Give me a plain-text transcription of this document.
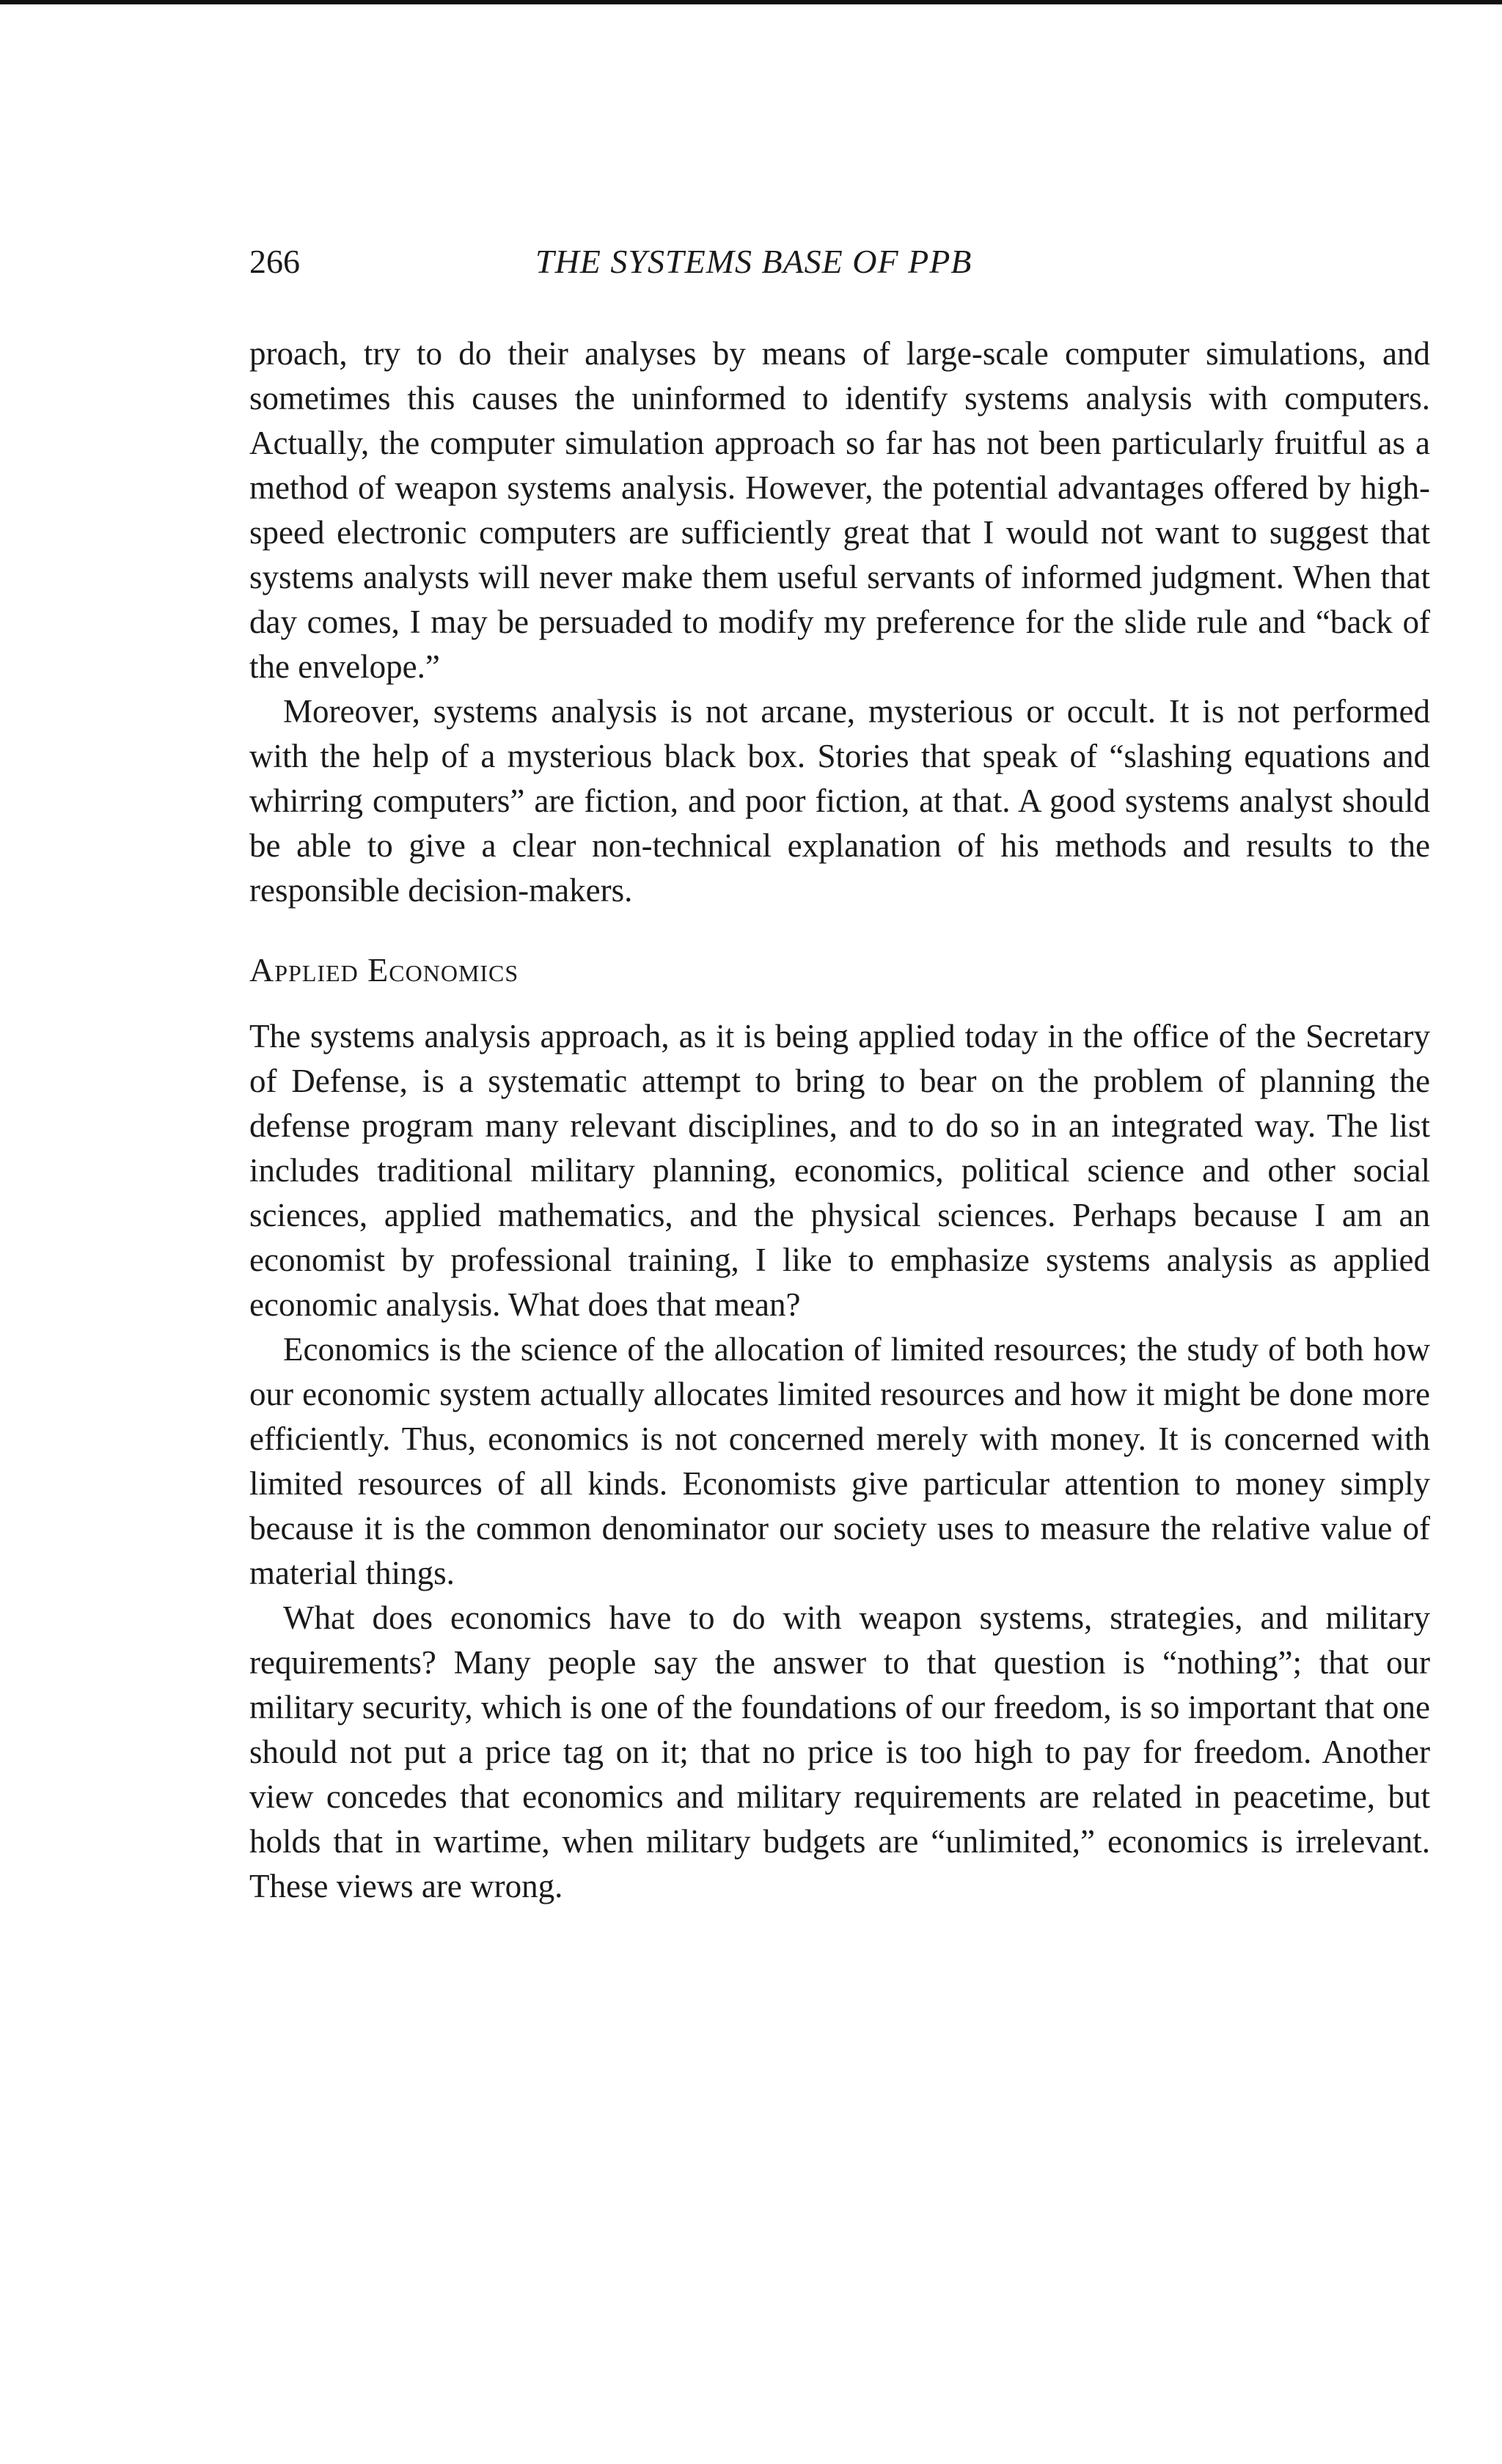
266	THE SYSTEMS BASE OF PPB

proach, try to do their analyses by means of large-scale computer simulations, and sometimes this causes the uninformed to identify systems analysis with computers. Actually, the computer simulation approach so far has not been particularly fruitful as a method of weapon systems analysis. However, the potential advantages offered by high-speed electronic computers are sufficiently great that I would not want to suggest that systems analysts will never make them useful servants of informed judgment. When that day comes, I may be persuaded to modify my preference for the slide rule and “back of the envelope.”

Moreover, systems analysis is not arcane, mysterious or occult. It is not performed with the help of a mysterious black box. Stories that speak of “slashing equations and whirring computers” are fiction, and poor fiction, at that. A good systems analyst should be able to give a clear non-technical explanation of his methods and results to the responsible decision-makers.

Applied Economics

The systems analysis approach, as it is being applied today in the office of the Secretary of Defense, is a systematic attempt to bring to bear on the problem of planning the defense program many relevant disciplines, and to do so in an integrated way. The list includes traditional military planning, economics, political science and other social sciences, applied mathematics, and the physical sciences. Perhaps because I am an economist by professional training, I like to emphasize systems analysis as applied economic analysis. What does that mean?

Economics is the science of the allocation of limited resources; the study of both how our economic system actually allocates limited resources and how it might be done more efficiently. Thus, economics is not concerned merely with money. It is concerned with limited resources of all kinds. Economists give particular attention to money simply because it is the common denominator our society uses to measure the relative value of material things.

What does economics have to do with weapon systems, strategies, and military requirements? Many people say the answer to that question is “nothing”; that our military security, which is one of the foundations of our freedom, is so important that one should not put a price tag on it; that no price is too high to pay for freedom. Another view concedes that economics and military requirements are related in peacetime, but holds that in wartime, when military budgets are “unlimited,” economics is irrelevant. These views are wrong.
